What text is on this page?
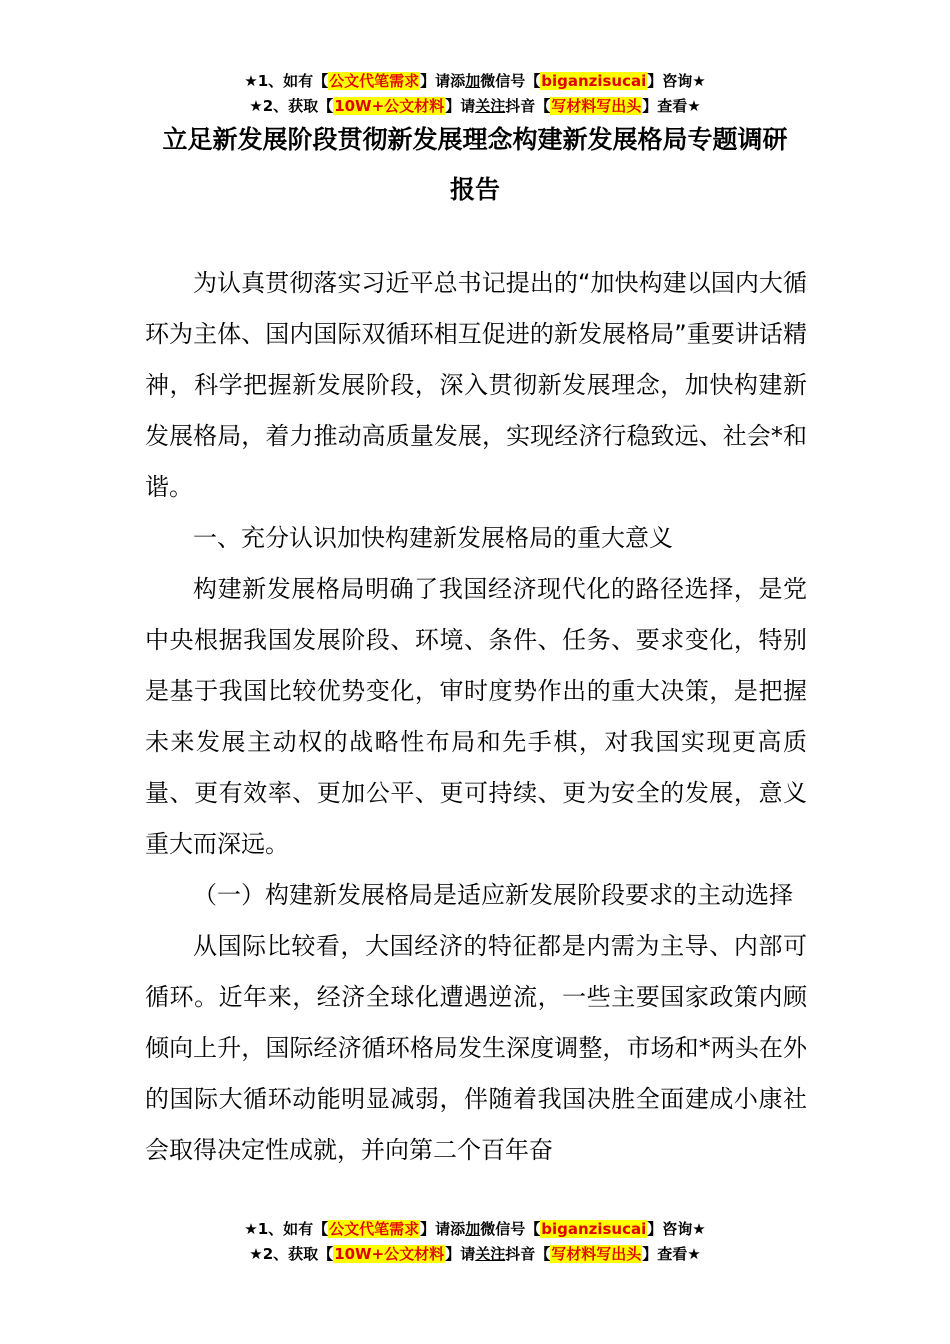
★1、如有【公文代笔需求】请添加微信号【biganzisucai】咨询★
★2、获取【10W+公文材料】请关注抖音【写材料写出头】查看★
立足新发展阶段贯彻新发展理念构建新发展格局专题调研
报告

为认真贯彻落实习近平总书记提出的“加快构建以国内大循环为主体、国内国际双循环相互促进的新发展格局”重要讲话精神，科学把握新发展阶段，深入贯彻新发展理念，加快构建新发展格局，着力推动高质量发展，实现经济行稳致远、社会*和谐。

一、充分认识加快构建新发展格局的重大意义

构建新发展格局明确了我国经济现代化的路径选择，是党中央根据我国发展阶段、环境、条件、任务、要求变化，特别是基于我国比较优势变化，审时度势作出的重大决策，是把握未来发展主动权的战略性布局和先手棋，对我国实现更高质量、更有效率、更加公平、更可持续、更为安全的发展，意义重大而深远。

（一）构建新发展格局是适应新发展阶段要求的主动选择

从国际比较看，大国经济的特征都是内需为主导、内部可循环。近年来，经济全球化遭遇逆流，一些主要国家政策内顾倾向上升，国际经济循环格局发生深度调整，市场和*两头在外的国际大循环动能明显减弱，伴随着我国决胜全面建成小康社会取得决定性成就，并向第二个百年奋

★1、如有【公文代笔需求】请添加微信号【biganzisucai】咨询★
★2、获取【10W+公文材料】请关注抖音【写材料写出头】查看★
